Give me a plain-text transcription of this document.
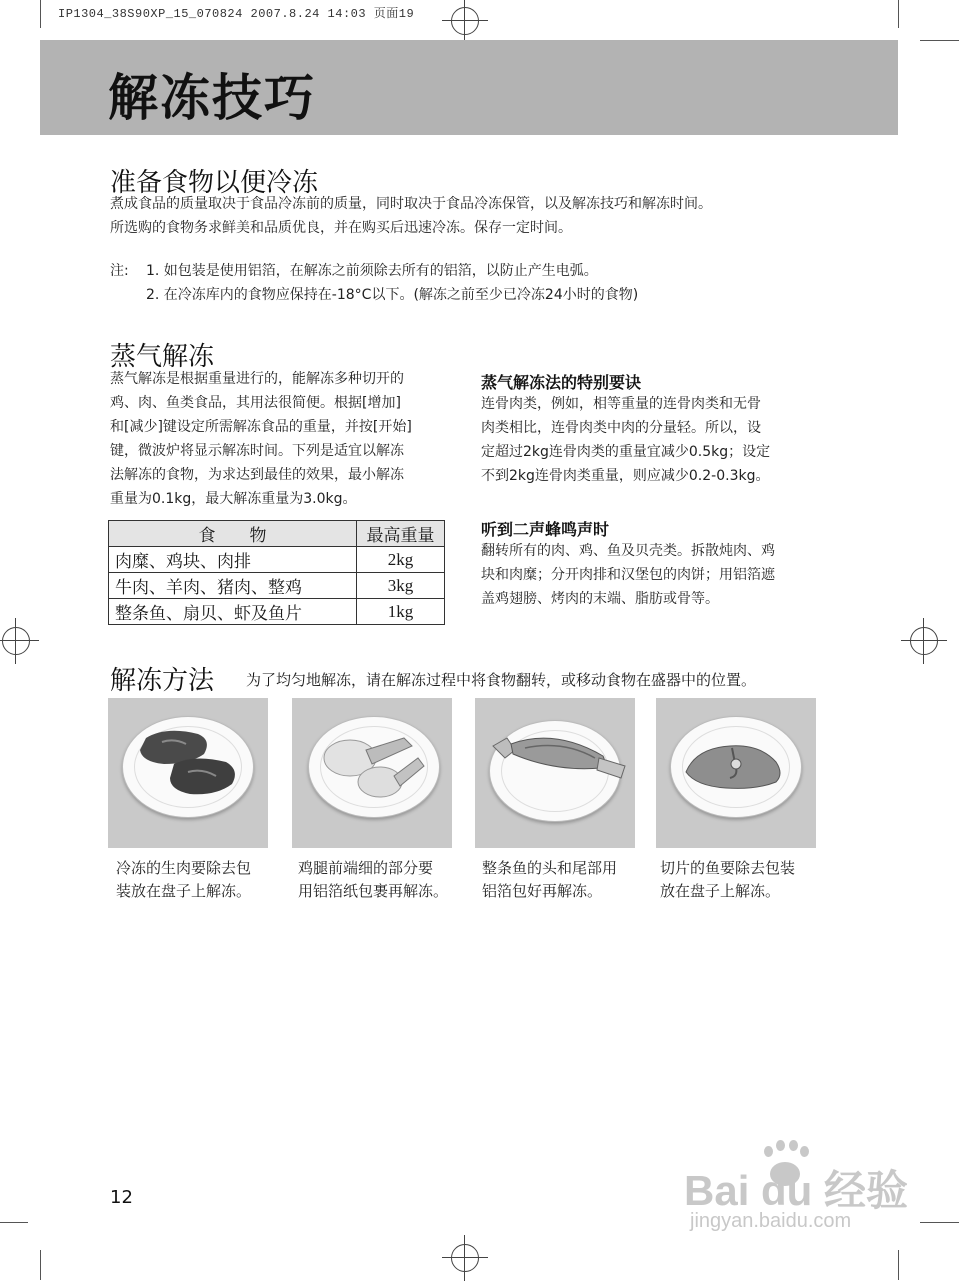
IP1304_38S90XP_15_070824 2007.8.24 14:03 页面19
解冻技巧
准备食物以便冷冻
煮成食品的质量取决于食品冷冻前的质量，同时取决于食品冷冻保管，以及解冻技巧和解冻时间。
所选购的食物务求鲜美和品质优良，并在购买后迅速冷冻。保存一定时间。
注: 1. 如包装是使用铝箔，在解冻之前须除去所有的铝箔，以防止产生电弧。
2. 在冷冻库内的食物应保持在-18°C以下。(解冻之前至少已冷冻24小时的食物)
蒸气解冻
蒸气解冻是根据重量进行的，能解冻多种切开的
鸡、肉、鱼类食品，其用法很简便。根据[增加]
和[减少]键设定所需解冻食品的重量，并按[开始]
键，微波炉将显示解冻时间。下列是适宜以解冻
法解冻的食物，为求达到最佳的效果，最小解冻
重量为0.1kg，最大解冻重量为3.0kg。
食　　物	最高重量
肉糜、鸡块、肉排	2kg
牛肉、羊肉、猪肉、整鸡	3kg
整条鱼、扇贝、虾及鱼片	1kg
蒸气解冻法的特别要诀
连骨肉类，例如，相等重量的连骨肉类和无骨
肉类相比，连骨肉类中肉的分量轻。所以，设
定超过2kg连骨肉类的重量宜减少0.5kg；设定
不到2kg连骨肉类重量，则应减少0.2-0.3kg。
听到二声蜂鸣声时
翻转所有的肉、鸡、鱼及贝壳类。拆散炖肉、鸡
块和肉糜；分开肉排和汉堡包的肉饼；用铝箔遮
盖鸡翅膀、烤肉的末端、脂肪或骨等。
解冻方法 为了均匀地解冻，请在解冻过程中将食物翻转，或移动食物在盛器中的位置。
冷冻的生肉要除去包
装放在盘子上解冻。
鸡腿前端细的部分要
用铝箔纸包裹再解冻。
整条鱼的头和尾部用
铝箔包好再解冻。
切片的鱼要除去包装
放在盘子上解冻。
12	Bai du 经验
jingyan.baidu.com
